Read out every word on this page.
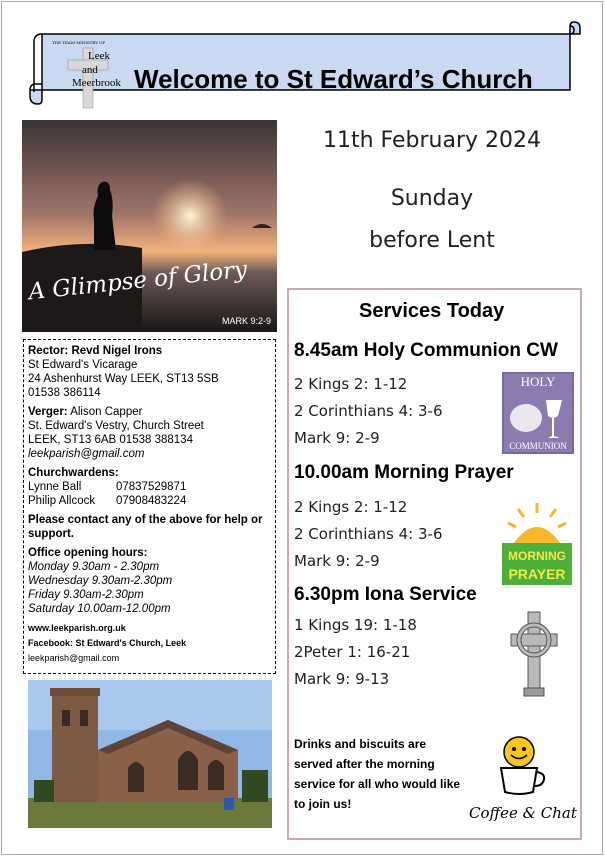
THE TEAM MINISTRY OF
Leek
and
Meerbrook Welcome to St Edward’s Church
A Glimpse of Glory
MARK 9:2-9
Rector: Revd Nigel Irons
St Edward's Vicarage
24 Ashenhurst Way LEEK, ST13 5SB
01538 386114
Verger: Alison Capper
St. Edward's Vestry, Church Street
LEEK, ST13 6AB 01538 388134
leekparish@gmail.com
Churchwardens:
Lynne Ball	07837529871
Philip Allcock	07908483224
Please contact any of the above for help or support.
Office opening hours:
Monday 9.30am - 2.30pm
Wednesday 9.30am-2.30pm
Friday 9.30am-2.30pm
Saturday 10.00am-12.00pm
www.leekparish.org.uk
Facebook: St Edward's Church, Leek
leekparish@gmail.com
11th February 2024
Sunday
before Lent
Services Today
8.45am Holy Communion CW
2 Kings 2: 1-12
2 Corinthians 4: 3-6
Mark 9: 2-9
HOLY
COMMUNION
10.00am Morning Prayer
2 Kings 2: 1-12
2 Corinthians 4: 3-6
Mark 9: 2-9	MORNING
PRAYER
6.30pm Iona Service
1 Kings 19: 1-18
2Peter 1: 16-21
Mark 9: 9-13
Drinks and biscuits are served after the morning service for all who would like to join us!	Coffee & Chat
